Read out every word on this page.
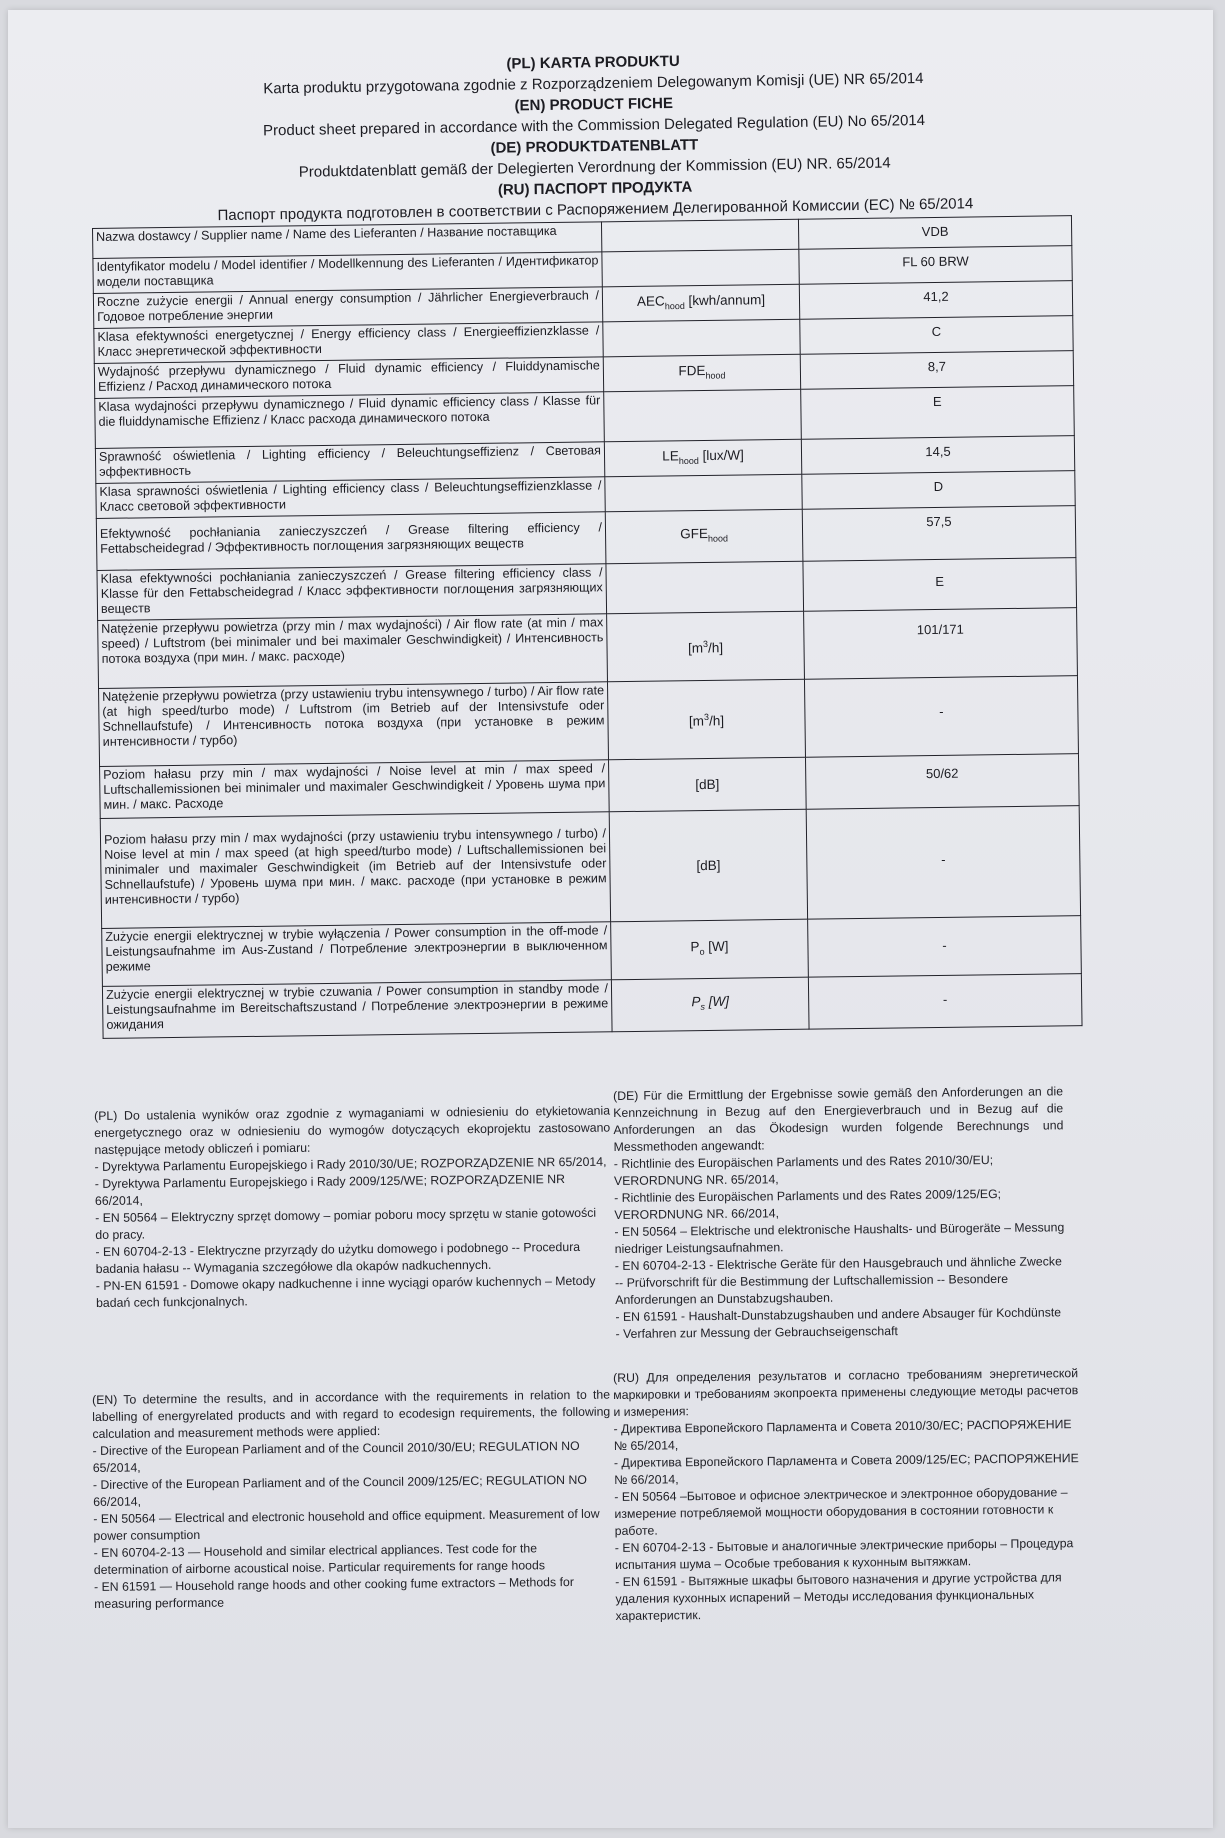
(PL) KARTA PRODUKTU
Karta produktu przygotowana zgodnie z Rozporządzeniem Delegowanym Komisji (UE) NR 65/2014
(EN) PRODUCT FICHE
Product sheet prepared in accordance with the Commission Delegated Regulation (EU) No 65/2014
(DE) PRODUKTDATENBLATT
Produktdatenblatt gemäß der Delegierten Verordnung der Kommission (EU) NR. 65/2014
(RU) ПАСПОРТ ПРОДУКТА
Паспорт продукта подготовлен в соответствии с Распоряжением Делегированной Комиссии (ЕС) № 65/2014
Nazwa dostawcy / Supplier name / Name des Lieferanten / Название поставщика		VDB
Identyfikator modelu / Model identifier / Modellkennung des Lieferanten / Идентификатор модели поставщика		FL 60 BRW
Roczne zużycie energii / Annual energy consumption / Jährlicher Energieverbrauch / Годовое потребление энергии	$AEC_{hood}$ [kwh/annum]	41,2
Klasa efektywności energetycznej / Energy efficiency class / Energieeffizienzklasse / Класс энергетической эффективности		C
Wydajność przepływu dynamicznego / Fluid dynamic efficiency / Fluiddynamische Effizienz / Расход динамического потока	$FDE_{hood}$	8,7
Klasa wydajności przepływu dynamicznego / Fluid dynamic efficiency class / Klasse für die fluiddynamische Effizienz / Класс расхода динамического потока		E
Sprawność oświetlenia / Lighting efficiency / Beleuchtungseffizienz / Световая эффективность	$LE_{hood}$ [lux/W]	14,5
Klasa sprawności oświetlenia / Lighting efficiency class / Beleuchtungseffizienzklasse / Класс световой эффективности		D
Efektywność pochłaniania zanieczyszczeń / Grease filtering efficiency / Fettabscheidegrad / Эффективность поглощения загрязняющих веществ	$GFE_{hood}$	57,5
Klasa efektywności pochłaniania zanieczyszczeń / Grease filtering efficiency class / Klasse für den Fettabscheidegrad / Класс эффективности поглощения загрязняющих веществ		E
Natężenie przepływu powietrza (przy min / max wydajności) / Air flow rate (at min / max speed) / Luftstrom (bei minimaler und bei maximaler Geschwindigkeit) / Интенсивность потока воздуха (при мин. / макс. расходе)	$[m^3/h]$	101/171
Natężenie przepływu powietrza (przy ustawieniu trybu intensywnego / turbo) / Air flow rate (at high speed/turbo mode) / Luftstrom (im Betrieb auf der Intensivstufe oder Schnellaufstufe) / Интенсивность потока воздуха (при установке в режим интенсивности / турбо)	$[m^3/h]$	-
Poziom hałasu przy min / max wydajności / Noise level at min / max speed / Luftschallemissionen bei minimaler und maximaler Geschwindigkeit / Уровень шума при мин. / макс. Расходе	[dB]	50/62
Poziom hałasu przy min / max wydajności (przy ustawieniu trybu intensywnego / turbo) / Noise level at min / max speed (at high speed/turbo mode) / Luftschallemissionen bei minimaler und maximaler Geschwindigkeit (im Betrieb auf der Intensivstufe oder Schnellaufstufe) / Уровень шума при мин. / макс. расходе (при установке в режим интенсивности / турбо)	[dB]	-
Zużycie energii elektrycznej w trybie wyłączenia / Power consumption in the off-mode / Leistungsaufnahme im Aus-Zustand / Потребление электроэнергии в выключенном режиме	$P_o$ [W]	-
Zużycie energii elektrycznej w trybie czuwania / Power consumption in standby mode / Leistungsaufnahme im Bereitschaftszustand / Потребление электроэнергии в режиме ожидания	$P_s$ [W]	-

(PL) Do ustalenia wyników oraz zgodnie z wymaganiami w odniesieniu do etykietowania energetycznego oraz w odniesieniu do wymogów dotyczących ekoprojektu zastosowano następujące metody obliczeń i pomiaru:

- Dyrektywa Parlamentu Europejskiego i Rady 2010/30/UE; ROZPORZĄDZENIE NR 65/2014,

- Dyrektywa Parlamentu Europejskiego i Rady 2009/125/WE; ROZPORZĄDZENIE NR 66/2014,

- EN 50564 – Elektryczny sprzęt domowy – pomiar poboru mocy sprzętu w stanie gotowości do pracy.

- EN 60704-2-13 - Elektryczne przyrządy do użytku domowego i podobnego -- Procedura badania hałasu -- Wymagania szczegółowe dla okapów nadkuchennych.

- PN-EN 61591 - Domowe okapy nadkuchenne i inne wyciągi oparów kuchennych – Metody badań cech funkcjonalnych.

(DE) Für die Ermittlung der Ergebnisse sowie gemäß den Anforderungen an die Kennzeichnung in Bezug auf den Energieverbrauch und in Bezug auf die Anforderungen an das Ökodesign wurden folgende Berechnungs und Messmethoden angewandt:

- Richtlinie des Europäischen Parlaments und des Rates 2010/30/EU; VERORDNUNG NR. 65/2014,

- Richtlinie des Europäischen Parlaments und des Rates 2009/125/EG; VERORDNUNG NR. 66/2014,

- EN 50564 – Elektrische und elektronische Haushalts- und Bürogeräte – Messung niedriger Leistungsaufnahmen.

- EN 60704-2-13 - Elektrische Geräte für den Hausgebrauch und ähnliche Zwecke -- Prüfvorschrift für die Bestimmung der Luftschallemission -- Besondere Anforderungen an Dunstabzugshauben.

- EN 61591 - Haushalt-Dunstabzugshauben und andere Absauger für Kochdünste - Verfahren zur Messung der Gebrauchseigenschaft

(EN) To determine the results, and in accordance with the requirements in relation to the labelling of energyrelated products and with regard to ecodesign requirements, the following calculation and measurement methods were applied:

- Directive of the European Parliament and of the Council 2010/30/EU; REGULATION NO 65/2014,

- Directive of the European Parliament and of the Council 2009/125/EC; REGULATION NO 66/2014,

- EN 50564 — Electrical and electronic household and office equipment. Measurement of low power consumption

- EN 60704-2-13 — Household and similar electrical appliances. Test code for the determination of airborne acoustical noise. Particular requirements for range hoods

- EN 61591 — Household range hoods and other cooking fume extractors – Methods for measuring performance

(RU) Для определения результатов и согласно требованиям энергетической маркировки и требованиям экопроекта применены следующие методы расчетов и измерения:

- Директива Европейского Парламента и Совета 2010/30/ЕС; РАСПОРЯЖЕНИЕ № 65/2014,

- Директива Европейского Парламента и Совета 2009/125/ЕС; РАСПОРЯЖЕНИЕ № 66/2014,

- EN 50564 –Бытовое и офисное электрическое и электронное оборудование – измерение потребляемой мощности оборудования в состоянии готовности к работе.

- EN 60704-2-13 - Бытовые и аналогичные электрические приборы – Процедура испытания шума – Особые требования к кухонным вытяжкам.

- EN 61591 - Вытяжные шкафы бытового назначения и другие устройства для удаления кухонных испарений – Методы исследования функциональных характеристик.
